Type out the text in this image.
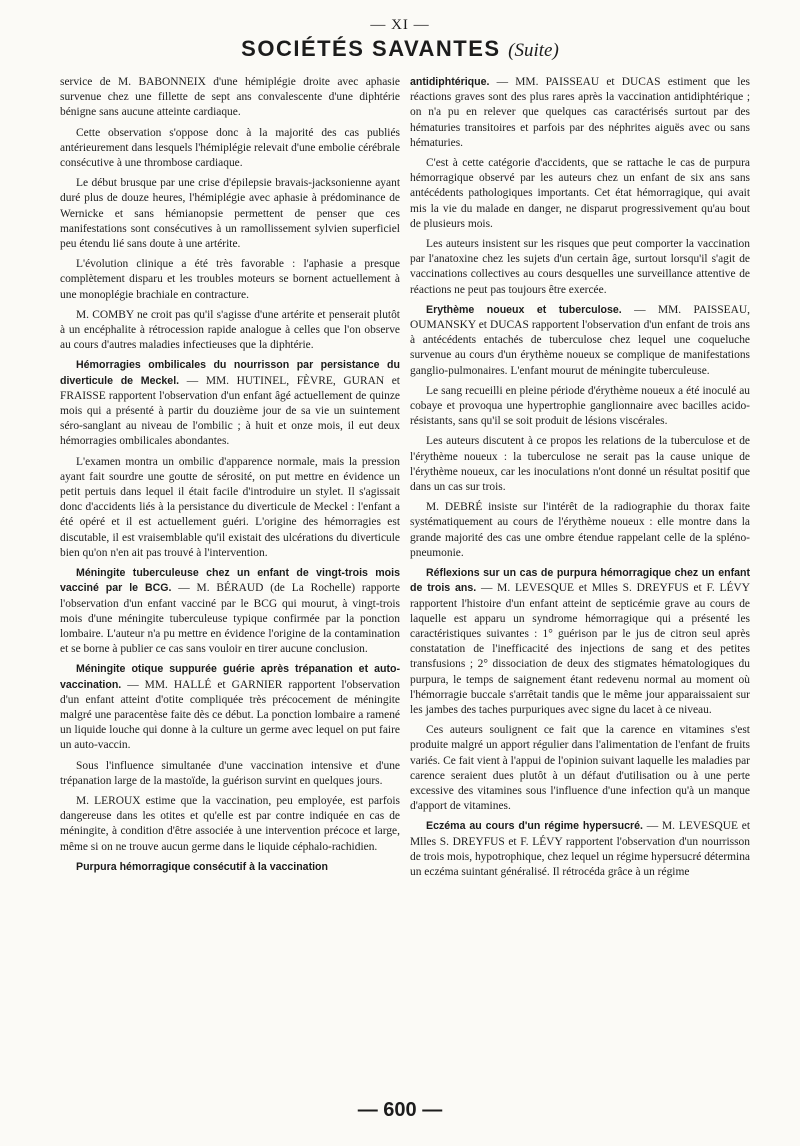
— XI —
SOCIÉTÉS SAVANTES (Suite)

service de M. BABONNEIX d'une hémiplégie droite avec aphasie survenue chez une fillette de sept ans convalescente d'une diphtérie bénigne sans aucune atteinte cardiaque.

Cette observation s'oppose donc à la majorité des cas publiés antérieurement dans lesquels l'hémiplégie relevait d'une embolie cérébrale consécutive à une thrombose cardiaque.

Le début brusque par une crise d'épilepsie bravais-jacksonienne ayant duré plus de douze heures, l'hémiplégie avec aphasie à prédominance de Wernicke et sans hémianopsie permettent de penser que ces manifestations sont consécutives à un ramollissement sylvien superficiel peu étendu lié sans doute à une artérite.

L'évolution clinique a été très favorable : l'aphasie a presque complètement disparu et les troubles moteurs se bornent actuellement à une monoplégie brachiale en contracture.

M. COMBY ne croit pas qu'il s'agisse d'une artérite et penserait plutôt à un encéphalite à rétrocession rapide analogue à celles que l'on observe au cours d'autres maladies infectieuses que la diphtérie.

Hémorragies ombilicales du nourrisson par persistance du diverticule de Meckel. — MM. HUTINEL, FÈVRE, GURAN et FRAISSE rapportent l'observation d'un enfant âgé actuellement de quinze mois qui a présenté à partir du douzième jour de sa vie un suintement séro-sanglant au niveau de l'ombilic ; à huit et onze mois, il eut deux hémorragies ombilicales abondantes.

L'examen montra un ombilic d'apparence normale, mais la pression ayant fait sourdre une goutte de sérosité, on put mettre en évidence un petit pertuis dans lequel il était facile d'introduire un stylet. Il s'agissait donc d'accidents liés à la persistance du diverticule de Meckel : l'enfant a été opéré et il est actuellement guéri. L'origine des hémorragies est discutable, il est vraisemblable qu'il existait des ulcérations du diverticule bien qu'on n'en ait pas trouvé à l'intervention.

Méningite tuberculeuse chez un enfant de vingt-trois mois vacciné par le BCG. — M. BÉRAUD (de La Rochelle) rapporte l'observation d'un enfant vacciné par le BCG qui mourut, à vingt-trois mois d'une méningite tuberculeuse typique confirmée par la ponction lombaire. L'auteur n'a pu mettre en évidence l'origine de la contamination et se borne à publier ce cas sans vouloir en tirer aucune conclusion.

Méningite otique suppurée guérie après trépanation et auto-vaccination. — MM. HALLÉ et GARNIER rapportent l'observation d'un enfant atteint d'otite compliquée très précocement de méningite malgré une paracentèse faite dès ce début. La ponction lombaire a ramené un liquide louche qui donne à la culture un germe avec lequel on put faire un auto-vaccin.

Sous l'influence simultanée d'une vaccination intensive et d'une trépanation large de la mastoïde, la guérison survint en quelques jours.

M. LEROUX estime que la vaccination, peu employée, est parfois dangereuse dans les otites et qu'elle est par contre indiquée en cas de méningite, à condition d'être associée à une intervention précoce et large, même si on ne trouve aucun germe dans le liquide céphalo-rachidien.

Purpura hémorragique consécutif à la vaccination

antidiphtérique. — MM. PAISSEAU et DUCAS estiment que les réactions graves sont des plus rares après la vaccination antidiphtérique ; on n'a pu en relever que quelques cas caractérisés surtout par des hématuries transitoires et parfois par des néphrites aiguës avec ou sans hématuries.

C'est à cette catégorie d'accidents, que se rattache le cas de purpura hémorragique observé par les auteurs chez un enfant de six ans sans antécédents pathologiques importants. Cet état hémorragique, qui avait mis la vie du malade en danger, ne disparut progressivement qu'au bout de plusieurs mois.

Les auteurs insistent sur les risques que peut comporter la vaccination par l'anatoxine chez les sujets d'un certain âge, surtout lorsqu'il s'agit de vaccinations collectives au cours desquelles une surveillance attentive de réactions ne peut pas toujours être exercée.

Erythème noueux et tuberculose. — MM. PAISSEAU, OUMANSKY et DUCAS rapportent l'observation d'un enfant de trois ans à antécédents entachés de tuberculose chez lequel une coqueluche survenue au cours d'un érythème noueux se complique de manifestations ganglio-pulmonaires. L'enfant mourut de méningite tuberculeuse.

Le sang recueilli en pleine période d'érythème noueux a été inoculé au cobaye et provoqua une hypertrophie ganglionnaire avec bacilles acido-résistants, sans qu'il se soit produit de lésions viscérales.

Les auteurs discutent à ce propos les relations de la tuberculose et de l'érythème noueux : la tuberculose ne serait pas la cause unique de l'érythème noueux, car les inoculations n'ont donné un résultat positif que dans un cas sur trois.

M. DEBRÉ insiste sur l'intérêt de la radiographie du thorax faite systématiquement au cours de l'érythème noueux : elle montre dans la grande majorité des cas une ombre étendue rappelant celle de la spléno-pneumonie.

Réflexions sur un cas de purpura hémorragique chez un enfant de trois ans. — M. LEVESQUE et Mlles S. DREYFUS et F. LÉVY rapportent l'histoire d'un enfant atteint de septicémie grave au cours de laquelle est apparu un syndrome hémorragique qui a présenté les caractéristiques suivantes : 1° guérison par le jus de citron seul après constatation de l'inefficacité des injections de sang et des petites transfusions ; 2° dissociation de deux des stigmates hématologiques du purpura, le temps de saignement étant redevenu normal au moment où l'hémorragie buccale s'arrêtait tandis que le même jour apparaissaient sur les jambes des taches purpuriques avec signe du lacet à ce niveau.

Ces auteurs soulignent ce fait que la carence en vitamines s'est produite malgré un apport régulier dans l'alimentation de l'enfant de fruits variés. Ce fait vient à l'appui de l'opinion suivant laquelle les maladies par carence seraient dues plutôt à un défaut d'utilisation ou à une perte excessive des vitamines sous l'influence d'une infection qu'à un manque d'apport de vitamines.

Eczéma au cours d'un régime hypersucré. — M. LEVESQUE et Mlles S. DREYFUS et F. LÉVY rapportent l'observation d'un nourrisson de trois mois, hypotrophique, chez lequel un régime hypersucré détermina un eczéma suintant généralisé. Il rétrocéda grâce à un régime

— 600 —
